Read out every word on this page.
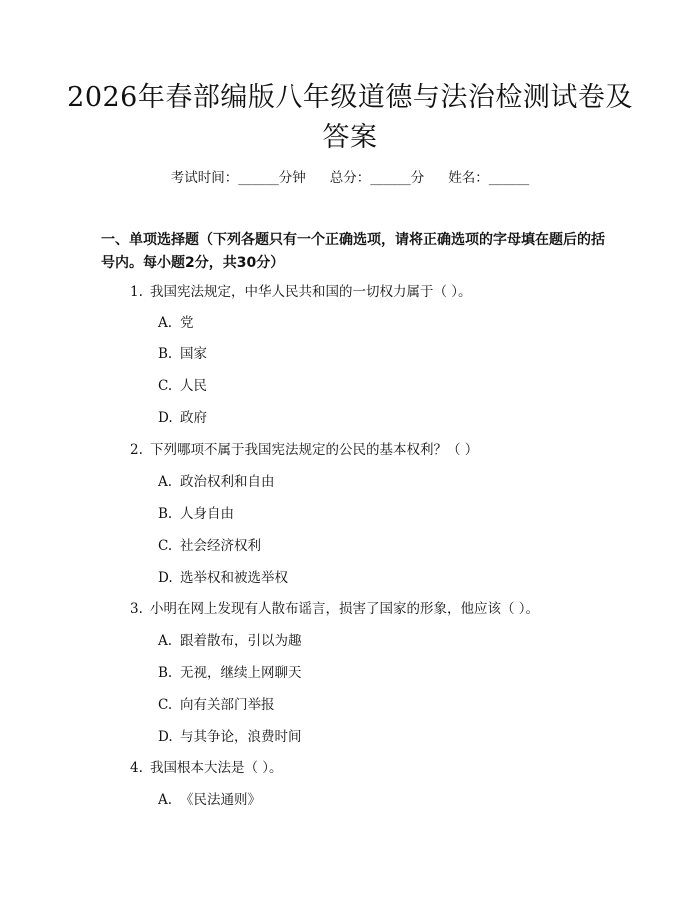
2026年春部编版八年级道德与法治检测试卷及答案
考试时间：______分钟 总分：______分 姓名：______
一、单项选择题（下列各题只有一个正确选项，请将正确选项的字母填在题后的括号内。每小题2分，共30分）
1. 我国宪法规定，中华人民共和国的一切权力属于（ ）。
A. 党
B. 国家
C. 人民
D. 政府
2. 下列哪项不属于我国宪法规定的公民的基本权利？（ ）
A. 政治权利和自由
B. 人身自由
C. 社会经济权利
D. 选举权和被选举权
3. 小明在网上发现有人散布谣言，损害了国家的形象，他应该（ ）。
A. 跟着散布，引以为趣
B. 无视，继续上网聊天
C. 向有关部门举报
D. 与其争论，浪费时间
4. 我国根本大法是（ ）。
A. 《民法通则》
